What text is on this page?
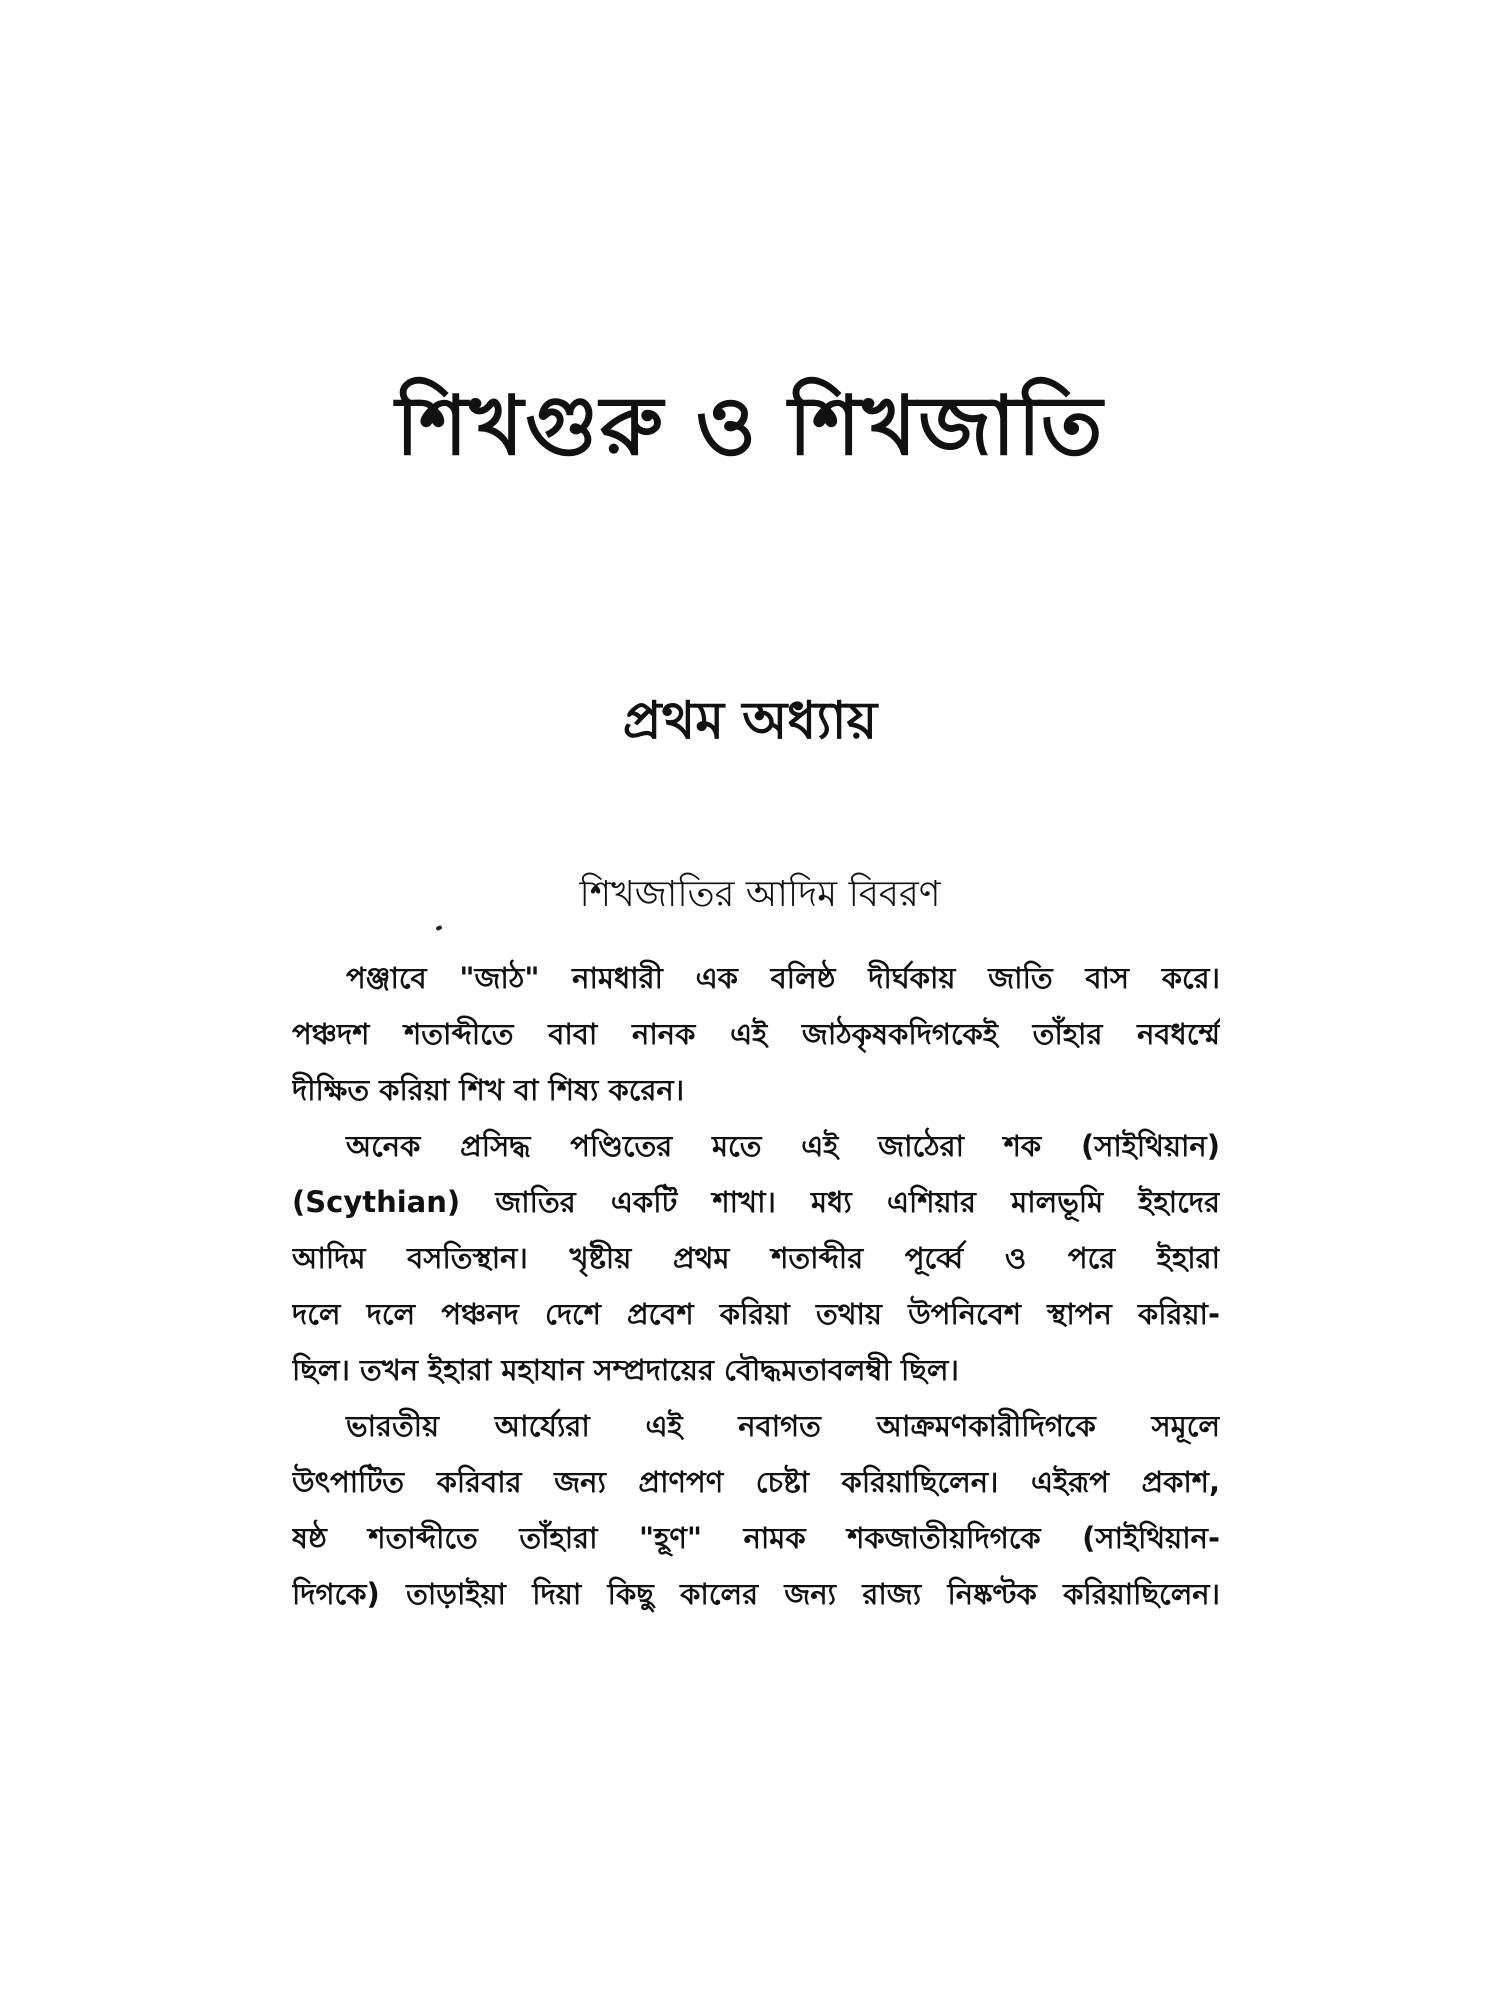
শিখগুরু ও শিখজাতি
প্রথম অধ্যায়
শিখজাতির আদিম বিবরণ
পঞ্জাবে "জাঠ" নামধারী এক বলিষ্ঠ দীর্ঘকায় জাতি বাস করে।
পঞ্চদশ শতাব্দীতে বাবা নানক এই জাঠকৃষকদিগকেই তাঁহার নবধর্ম্মে
দীক্ষিত করিয়া শিখ বা শিষ্য করেন।
অনেক প্রসিদ্ধ পণ্ডিতের মতে এই জাঠেরা শক (সাইথিয়ান)
(Scythian) জাতির একটি শাখা। মধ্য এশিয়ার মালভূমি ইহাদের
আদিম বসতিস্থান। খৃষ্টীয় প্রথম শতাব্দীর পূর্ব্বে ও পরে ইহারা
দলে দলে পঞ্চনদ দেশে প্রবেশ করিয়া তথায় উপনিবেশ স্থাপন করিয়া-
ছিল। তখন ইহারা মহাযান সম্প্রদায়ের বৌদ্ধমতাবলম্বী ছিল।
ভারতীয় আর্য্যেরা এই নবাগত আক্রমণকারীদিগকে সমূলে
উৎপাটিত করিবার জন্য প্রাণপণ চেষ্টা করিয়াছিলেন। এইরূপ প্রকাশ,
ষষ্ঠ শতাব্দীতে তাঁহারা "হূণ" নামক শকজাতীয়দিগকে (সাইথিয়ান-
দিগকে) তাড়াইয়া দিয়া কিছু কালের জন্য রাজ্য নিষ্কণ্টক করিয়াছিলেন।
